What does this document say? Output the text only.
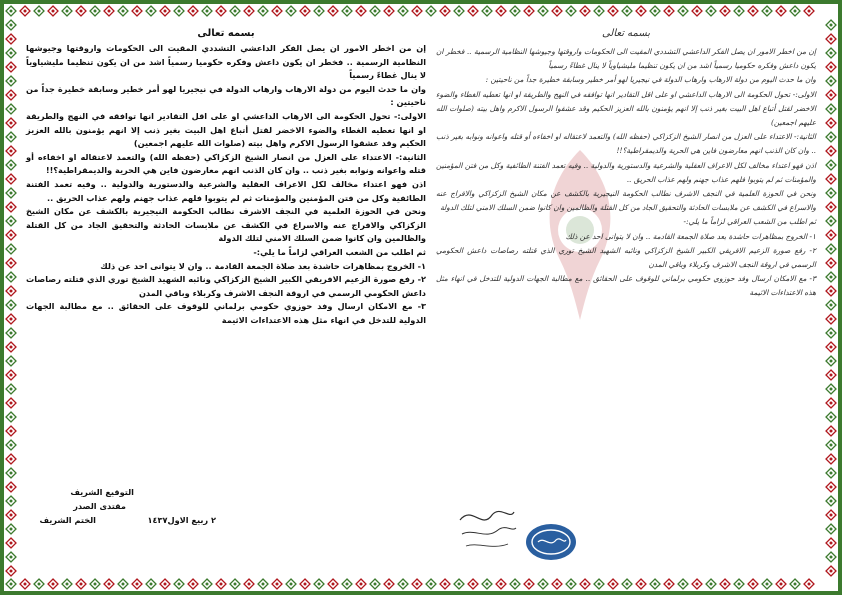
بسمه تعالى

إن من اخطر الامور ان يصل الفكر الداعشي التشددي المقيت الى الحكومات واروقتها وجيوشها النظامية الرسمية .. فخطر ان يكون داعش وفكره حكوميا رسمياً اشد من ان يكون تنظيما مليشياوياً لا ينال غطاءً رسمياً

وان ما حدث اليوم من دولة الارهاب وارهاب الدولة في نيجيريا لهو أمر خطير وسابقة خطيرة جداً من ناحيتين :

الاولى:- تحول الحكومة الى الارهاب الداعشي او على اقل التقادير انها توافقه في النهج والطريقة او انها تعطيه الغطاء والضوء الاخضر لقتل أتباع اهل البيت بغير ذنب إلا انهم يؤمنون بالله العزيز الحكيم وقد عشقوا الرسول الاكرم واهل بيته (صلوات الله عليهم اجمعين)

الثانية:- الاعتداء على العزل من انصار الشيخ الزكزاكي (حفظه الله) والتعمد لاعتقاله او اخفاءه أو قتله واعوانه ونوابه بغير ذنب .. وان كان الذنب انهم معارضون فاين هي الحرية والديمقراطية؟!!

اذن فهو اعتداء مخالف لكل الاعراف العقلية والشرعية والدستورية والدولية .. وفيه تعمد الفتنة الطائفية وكل من فتن المؤمنين والمؤمنات ثم لم يتوبوا فلهم عذاب جهنم ولهم عذاب الحريق ..

ونحن في الحوزة العلمية في النجف الاشرف نطالب الحكومة النيجيرية بالكشف عن مكان الشيخ الزكزاكي والافراج عنه والاسراع في الكشف عن ملابسات الحادثة والتحقيق الجاد من كل القتلة والظالمين وان كانوا ضمن السلك الامني لتلك الدولة

ثم اطلب من الشعب العراقي لزاماً ما يلي:-

١- الخروج بمظاهرات حاشدة بعد صلاة الجمعة القادمة .. وان لا يتوانى احد عن ذلك

٢- رفع صورة الزعيم الافريقي الكبير الشيخ الزكزاكي ونائبه الشهيد الشيخ توري الذي قتلته رصاصات داعش الحكومي الرسمي في اروقة النجف الاشرف وكربلاء وباقي المدن

٣- مع الامكان ارسال وفد حوزوي حكومي برلماني للوقوف على الحقائق .. مع مطالبة الجهات الدولية للتدخل في انهاء مثل هذه الاعتداءات الاثيمة

التوقيع الشريف
مقتدى الصدر
٢ ربيع الاول١٤٣٧
الختم الشريف
بسمه تعالى

إن من اخطر الامور ان يصل الفكر الداعشي التشددي المقيت الى الحكومات واروقتها وجيوشها النظامية الرسمية .. فخطر ان يكون داعش وفكره حكوميا رسمياً اشد من ان يكون تنظيما مليشياوياً لا ينال غطاءً رسمياً

وان ما حدث اليوم من دولة الارهاب وارهاب الدولة في نيجيريا لهو أمر خطير وسابقة خطيرة جداً من ناحيتين :

الاولى:- تحول الحكومة الى الارهاب الداعشي او على اقل التقادير انها توافقه في النهج والطريقة او انها تعطيه الغطاء والضوء الاخضر لقتل أتباع اهل البيت بغير ذنب إلا انهم يؤمنون بالله العزيز الحكيم وقد عشقوا الرسول الاكرم واهل بيته (صلوات الله عليهم اجمعين)

الثانية:- الاعتداء على العزل من انصار الشيخ الزكزاكي (حفظه الله) والتعمد لاعتقاله او اخفاءه أو قتله واعوانه ونوابه بغير ذنب .. وان كان الذنب انهم معارضون فاين هي الحرية والديمقراطية؟!!

اذن فهو اعتداء مخالف لكل الاعراف العقلية والشرعية والدستورية والدولية .. وفيه تعمد الفتنة الطائفية وكل من فتن المؤمنين والمؤمنات ثم لم يتوبوا فلهم عذاب جهنم ولهم عذاب الحريق ..

ونحن في الحوزة العلمية في النجف الاشرف نطالب الحكومة النيجيرية بالكشف عن مكان الشيخ الزكزاكي والافراج عنه والاسراع في الكشف عن ملابسات الحادثة والتحقيق الجاد من كل القتلة والظالمين وان كانوا ضمن السلك الامني لتلك الدولة

ثم اطلب من الشعب العراقي لزاماً ما يلي:-

١- الخروج بمظاهرات حاشدة بعد صلاة الجمعة القادمة .. وان لا يتوانى احد عن ذلك

٢- رفع صورة الزعيم الافريقي الكبير الشيخ الزكزاكي ونائبه الشهيد الشيخ توري الذي قتلته رصاصات داعش الحكومي الرسمي في اروقة النجف الاشرف وكربلاء وباقي المدن

٣- مع الامكان ارسال وفد حوزوي حكومي برلماني للوقوف على الحقائق .. مع مطالبة الجهات الدولية للتدخل في انهاء مثل هذه الاعتداءات الاثيمة
